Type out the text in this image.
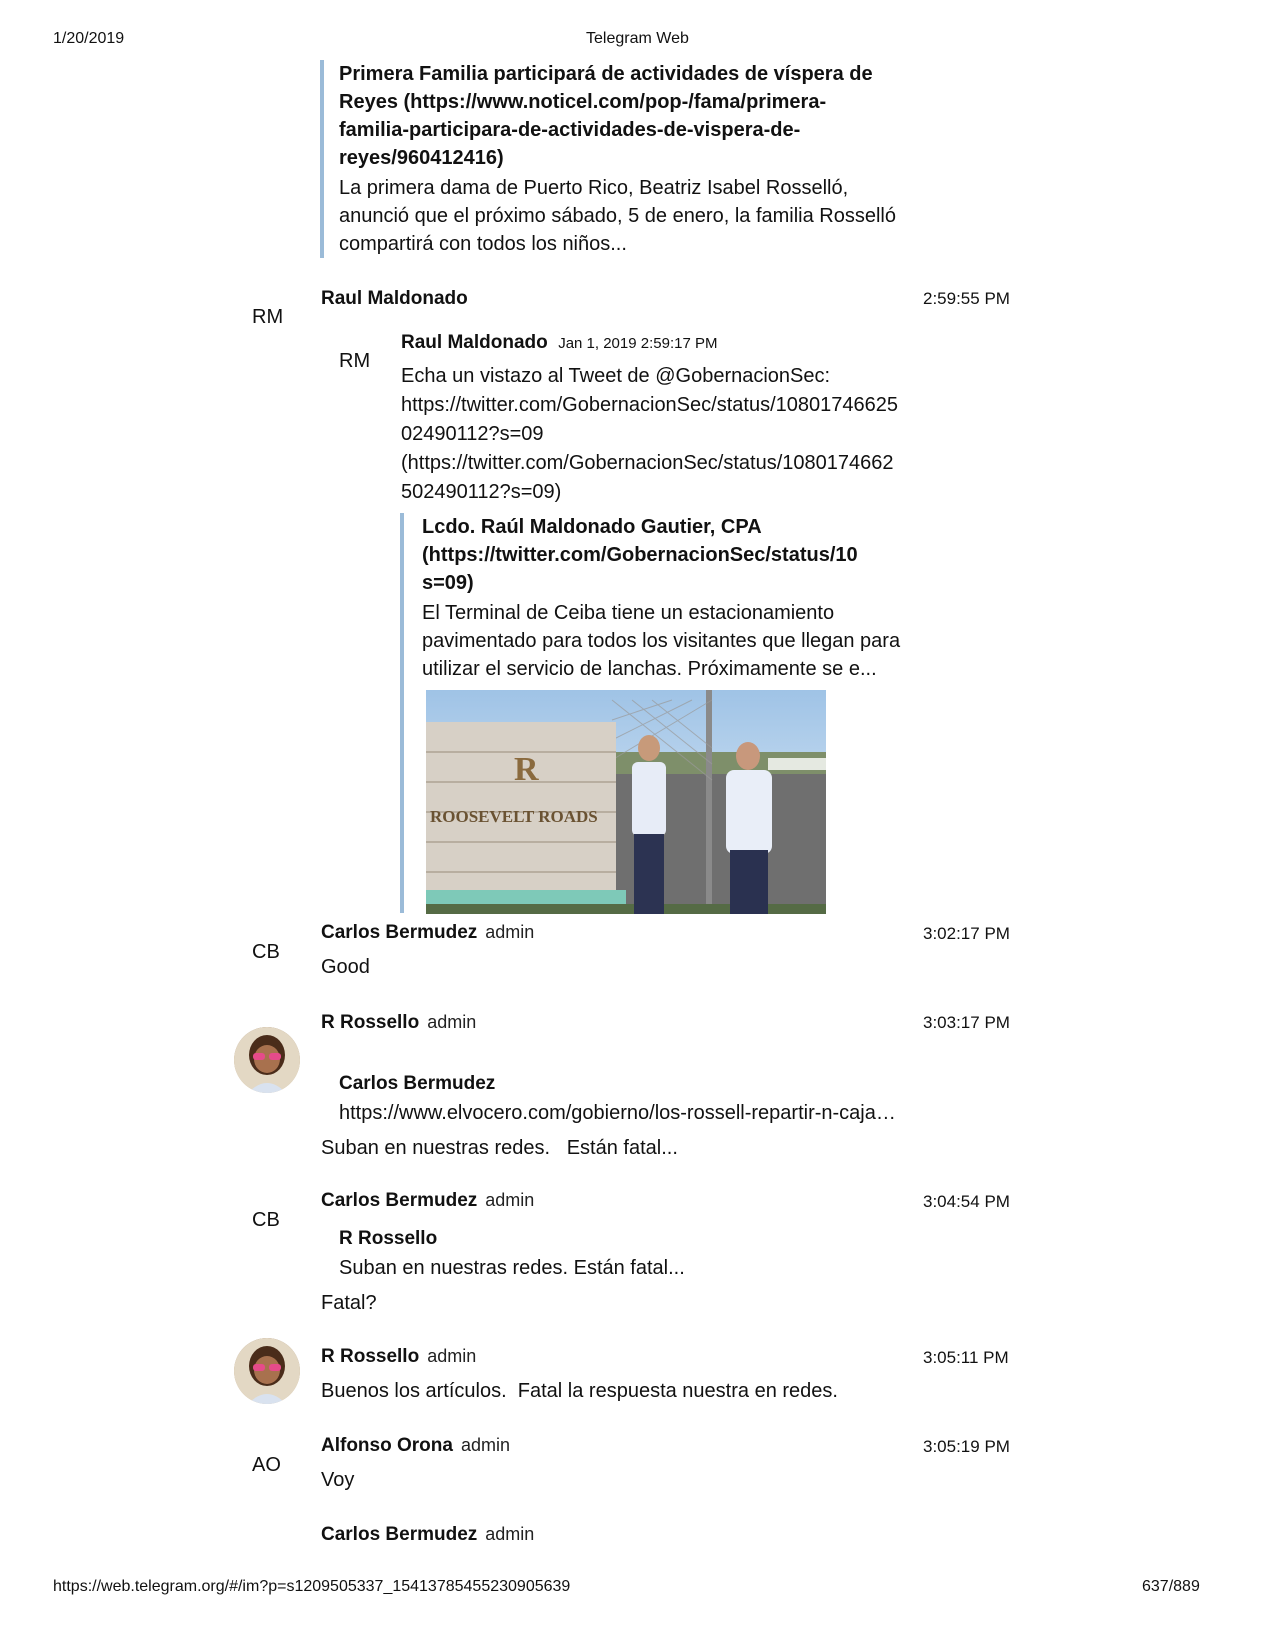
1/20/2019	Telegram Web
Primera Familia participará de actividades de víspera de
Reyes (https://www.noticel.com/pop-/fama/primera-
familia-participara-de-actividades-de-vispera-de-
reyes/960412416)
La primera dama de Puerto Rico, Beatriz Isabel Rosselló,
anunció que el próximo sábado, 5 de enero, la familia Rosselló
compartirá con todos los niños...
RM
Raul Maldonado	2:59:55 PM
RM
Raul Maldonado Jan 1, 2019 2:59:17 PM
Echa un vistazo al Tweet de @GobernacionSec:
https://twitter.com/GobernacionSec/status/10801746625
02490112?s=09
(https://twitter.com/GobernacionSec/status/1080174662
502490112?s=09)
Lcdo. Raúl Maldonado Gautier, CPA
(https://twitter.com/GobernacionSec/status/10
s=09)
El Terminal de Ceiba tiene un estacionamiento
pavimentado para todos los visitantes que llegan para
utilizar el servicio de lanchas. Próximamente se e...
R
ROOSEVELT ROADS
CB
Carlos Bermudez admin	3:02:17 PM
Good
R Rossello admin	3:03:17 PM
Carlos Bermudez
https://www.elvocero.com/gobierno/los-rossell-repartir-n-caja…
Suban en nuestras redes.   Están fatal...
CB
Carlos Bermudez admin	3:04:54 PM
R Rossello
Suban en nuestras redes. Están fatal...
Fatal?
R Rossello admin	3:05:11 PM
Buenos los artículos.  Fatal la respuesta nuestra en redes.
AO
Alfonso Orona admin	3:05:19 PM
Voy
Carlos Bermudez admin
https://web.telegram.org/#/im?p=s1209505337_15413785455230905639	637/889
